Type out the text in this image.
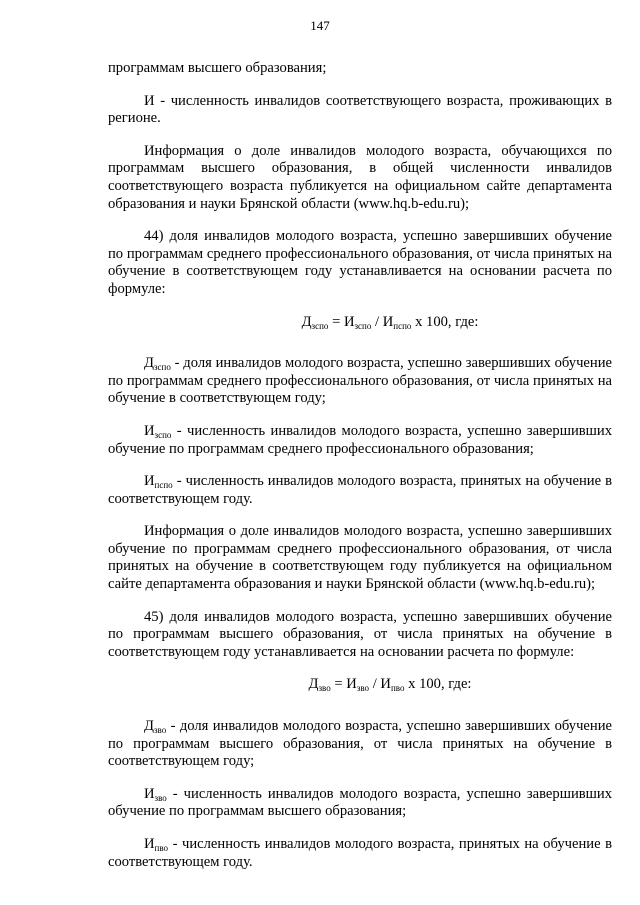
147

программам высшего образования;

И - численность инвалидов соответствующего возраста, проживающих в регионе.

Информация о доле инвалидов молодого возраста, обучающихся по программам высшего образования, в общей численности инвалидов соответствующего возраста публикуется на официальном сайте департамента образования и науки Брянской области (www.hq.b-edu.ru);

44) доля инвалидов молодого возраста, успешно завершивших обучение по программам среднего профессионального образования, от числа принятых на обучение в соответствующем году устанавливается на основании расчета по формуле:

$Д_{зспо} = И_{зспо} / И_{пспо}$ х 100, где:

$Д_{зспо}$ - доля инвалидов молодого возраста, успешно завершивших обучение по программам среднего профессионального образования, от числа принятых на обучение в соответствующем году;

$И_{зспо}$ - численность инвалидов молодого возраста, успешно завершивших обучение по программам среднего профессионального образования;

$И_{пспо}$ - численность инвалидов молодого возраста, принятых на обучение в соответствующем году.

Информация о доле инвалидов молодого возраста, успешно завершивших обучение по программам среднего профессионального образования, от числа принятых на обучение в соответствующем году публикуется на официальном сайте департамента образования и науки Брянской области (www.hq.b-edu.ru);

45) доля инвалидов молодого возраста, успешно завершивших обучение по программам высшего образования, от числа принятых на обучение в соответствующем году устанавливается на основании расчета по формуле:

$Д_{зво} = И_{зво} / И_{пво}$ х 100, где:

$Д_{зво}$ - доля инвалидов молодого возраста, успешно завершивших обучение по программам высшего образования, от числа принятых на обучение в соответствующем году;

$И_{зво}$ - численность инвалидов молодого возраста, успешно завершивших обучение по программам высшего образования;

$И_{пво}$ - численность инвалидов молодого возраста, принятых на обучение в соответствующем году.
